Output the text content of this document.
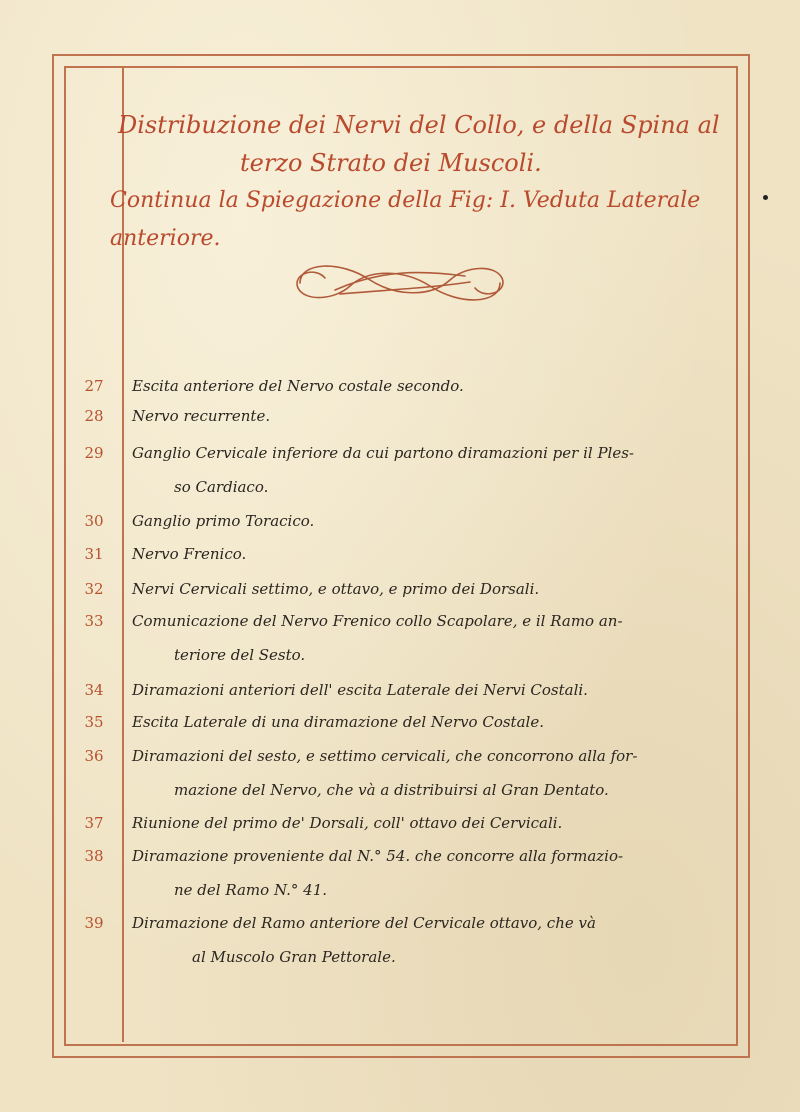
Distribuzione dei Nervi del Collo, e della Spina al
terzo Strato dei Muscoli.
Continua la Spiegazione della Fig: I. Veduta Laterale anteriore.
27	Escita anteriore del Nervo costale secondo.
28	Nervo recurrente.
29	Ganglio Cervicale inferiore da cui partono diramazioni per il Ples-
so Cardiaco.
30	Ganglio primo Toracico.
31	Nervo Frenico.
32	Nervi Cervicali settimo, e ottavo, e primo dei Dorsali.
33	Comunicazione del Nervo Frenico collo Scapolare, e il Ramo an-
teriore del Sesto.
34	Diramazioni anteriori dell' escita Laterale dei Nervi Costali.
35	Escita Laterale di una diramazione del Nervo Costale.
36	Diramazioni del sesto, e settimo cervicali, che concorrono alla for-
mazione del Nervo, che và a distribuirsi al Gran Dentato.
37	Riunione del primo de' Dorsali, coll' ottavo dei Cervicali.
38	Diramazione proveniente dal N.° 54. che concorre alla formazio-
ne del Ramo N.° 41.
39	Diramazione del Ramo anteriore del Cervicale ottavo, che và
al Muscolo Gran Pettorale.
